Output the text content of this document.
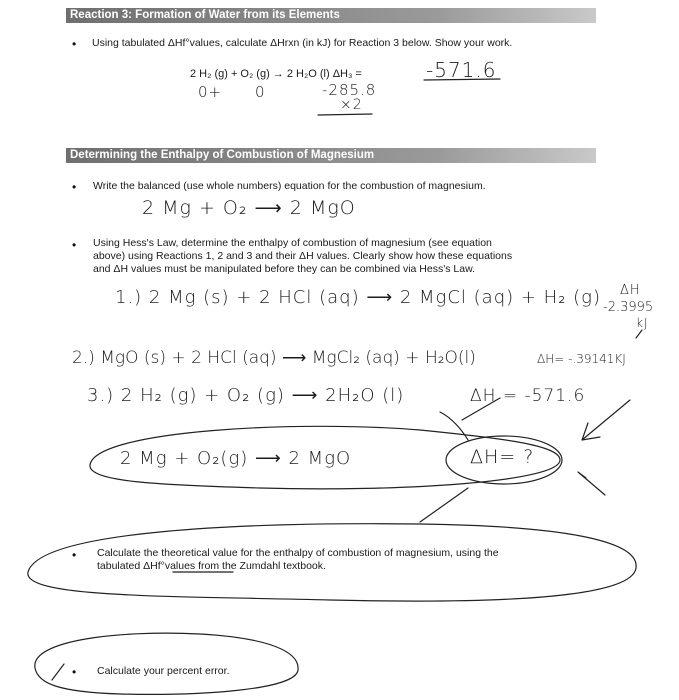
Reaction 3: Formation of Water from its Elements
• Using tabulated ΔHf°values, calculate ΔHrxn (in kJ) for Reaction 3 below. Show your work.
2 H₂ (g) + O₂ (g) → 2 H₂O (l) ΔH₃ =	-571.6
0+ 0	-285.8
×2
Determining the Enthalpy of Combustion of Magnesium
• Write the balanced (use whole numbers) equation for the combustion of magnesium.
2 Mg + O₂ ⟶ 2 MgO
• Using Hess's Law, determine the enthalpy of combustion of magnesium (see equation
above) using Reactions 1, 2 and 3 and their ΔH values. Clearly show how these equations
and ΔH values must be manipulated before they can be combined via Hess's Law.
1.) 2 Mg (s) + 2 HCl (aq) ⟶ 2 MgCl (aq) + H₂ (g) ΔH
-2.3995
kJ
2.) MgO (s) + 2 HCl (aq) ⟶ MgCl₂ (aq) + H₂O(l)	ΔH= -.39141KJ
3.) 2 H₂ (g) + O₂ (g) ⟶ 2H₂O (l)	ΔH = -571.6
2 Mg + O₂(g) ⟶ 2 MgO	ΔH= ?
• Calculate the theoretical value for the enthalpy of combustion of magnesium, using the
tabulated ΔHf°values from the Zumdahl textbook.
• Calculate your percent error.
